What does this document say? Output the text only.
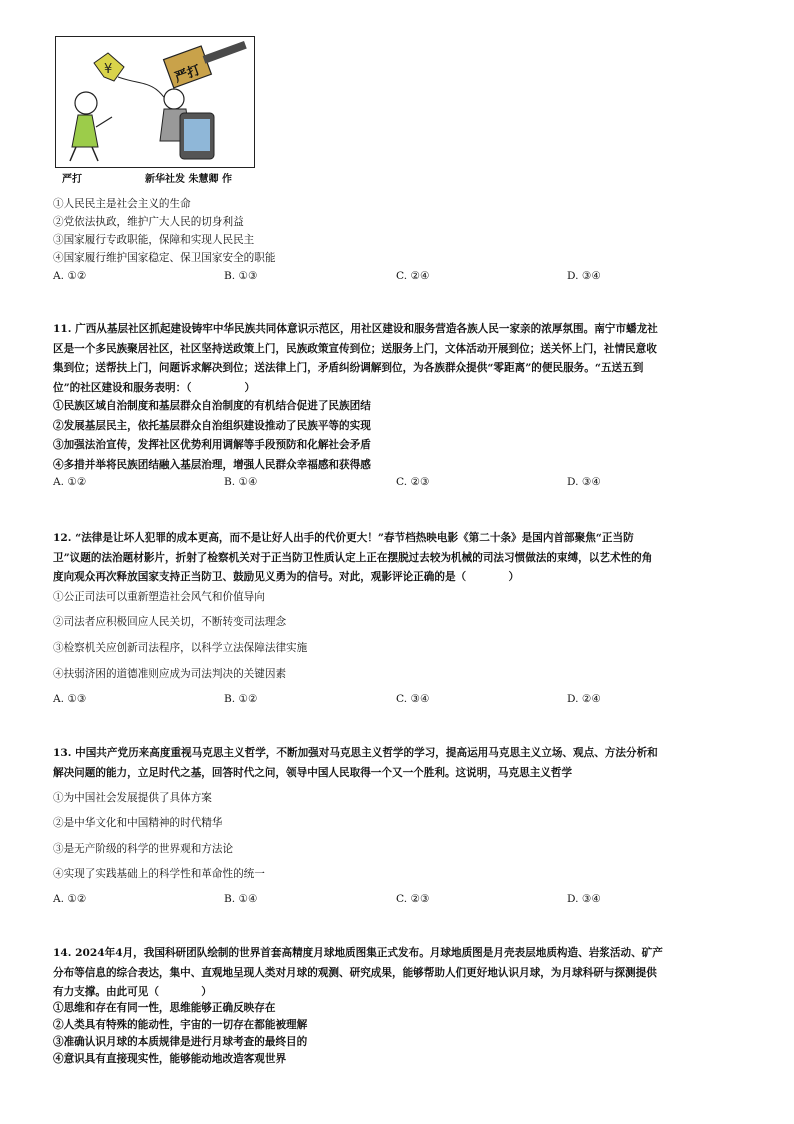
¥	严打
严打	新华社发 朱慧卿 作
①人民民主是社会主义的生命
②党依法执政，维护广大人民的切身利益
③国家履行专政职能，保障和实现人民民主
④国家履行维护国家稳定、保卫国家安全的职能
A. ①②	B. ①③	C. ②④	D. ③④
11. 广西从基层社区抓起建设铸牢中华民族共同体意识示范区，用社区建设和服务营造各族人民一家亲的浓厚氛围。南宁市蟠龙社
区是一个多民族聚居社区，社区坚持送政策上门，民族政策宣传到位；送服务上门，文体活动开展到位；送关怀上门，社情民意收
集到位；送帮扶上门，问题诉求解决到位；送法律上门，矛盾纠纷调解到位，为各族群众提供“零距离”的便民服务。“五送五到
位”的社区建设和服务表明：（　　　　　）
①民族区域自治制度和基层群众自治制度的有机结合促进了民族团结
②发展基层民主，依托基层群众自治组织建设推动了民族平等的实现
③加强法治宣传，发挥社区优势利用调解等手段预防和化解社会矛盾
④多措并举将民族团结融入基层治理，增强人民群众幸福感和获得感
A. ①②	B. ①④	C. ②③	D. ③④
12. “法律是让坏人犯罪的成本更高，而不是让好人出手的代价更大！”春节档热映电影《第二十条》是国内首部聚焦“正当防
卫”议题的法治题材影片，折射了检察机关对于正当防卫性质认定上正在摆脱过去较为机械的司法习惯做法的束缚，以艺术性的角
度向观众再次释放国家支持正当防卫、鼓励见义勇为的信号。对此，观影评论正确的是（　　　　）
①公正司法可以重新塑造社会风气和价值导向
②司法者应积极回应人民关切，不断转变司法理念
③检察机关应创新司法程序，以科学立法保障法律实施
④扶弱济困的道德准则应成为司法判决的关键因素
A. ①③	B. ①②	C. ③④	D. ②④
13. 中国共产党历来高度重视马克思主义哲学，不断加强对马克思主义哲学的学习，提高运用马克思主义立场、观点、方法分析和
解决问题的能力，立足时代之基，回答时代之问，领导中国人民取得一个又一个胜利。这说明，马克思主义哲学
①为中国社会发展提供了具体方案
②是中华文化和中国精神的时代精华
③是无产阶级的科学的世界观和方法论
④实现了实践基础上的科学性和革命性的统一
A. ①②	B. ①④	C. ②③	D. ③④
14. 2024年4月，我国科研团队绘制的世界首套高精度月球地质图集正式发布。月球地质图是月壳表层地质构造、岩浆活动、矿产
分布等信息的综合表达，集中、直观地呈现人类对月球的观测、研究成果，能够帮助人们更好地认识月球，为月球科研与探测提供
有力支撑。由此可见（　　　　）
①思维和存在有同一性，思维能够正确反映存在
②人类具有特殊的能动性，宇宙的一切存在都能被理解
③准确认识月球的本质规律是进行月球考查的最终目的
④意识具有直接现实性，能够能动地改造客观世界
